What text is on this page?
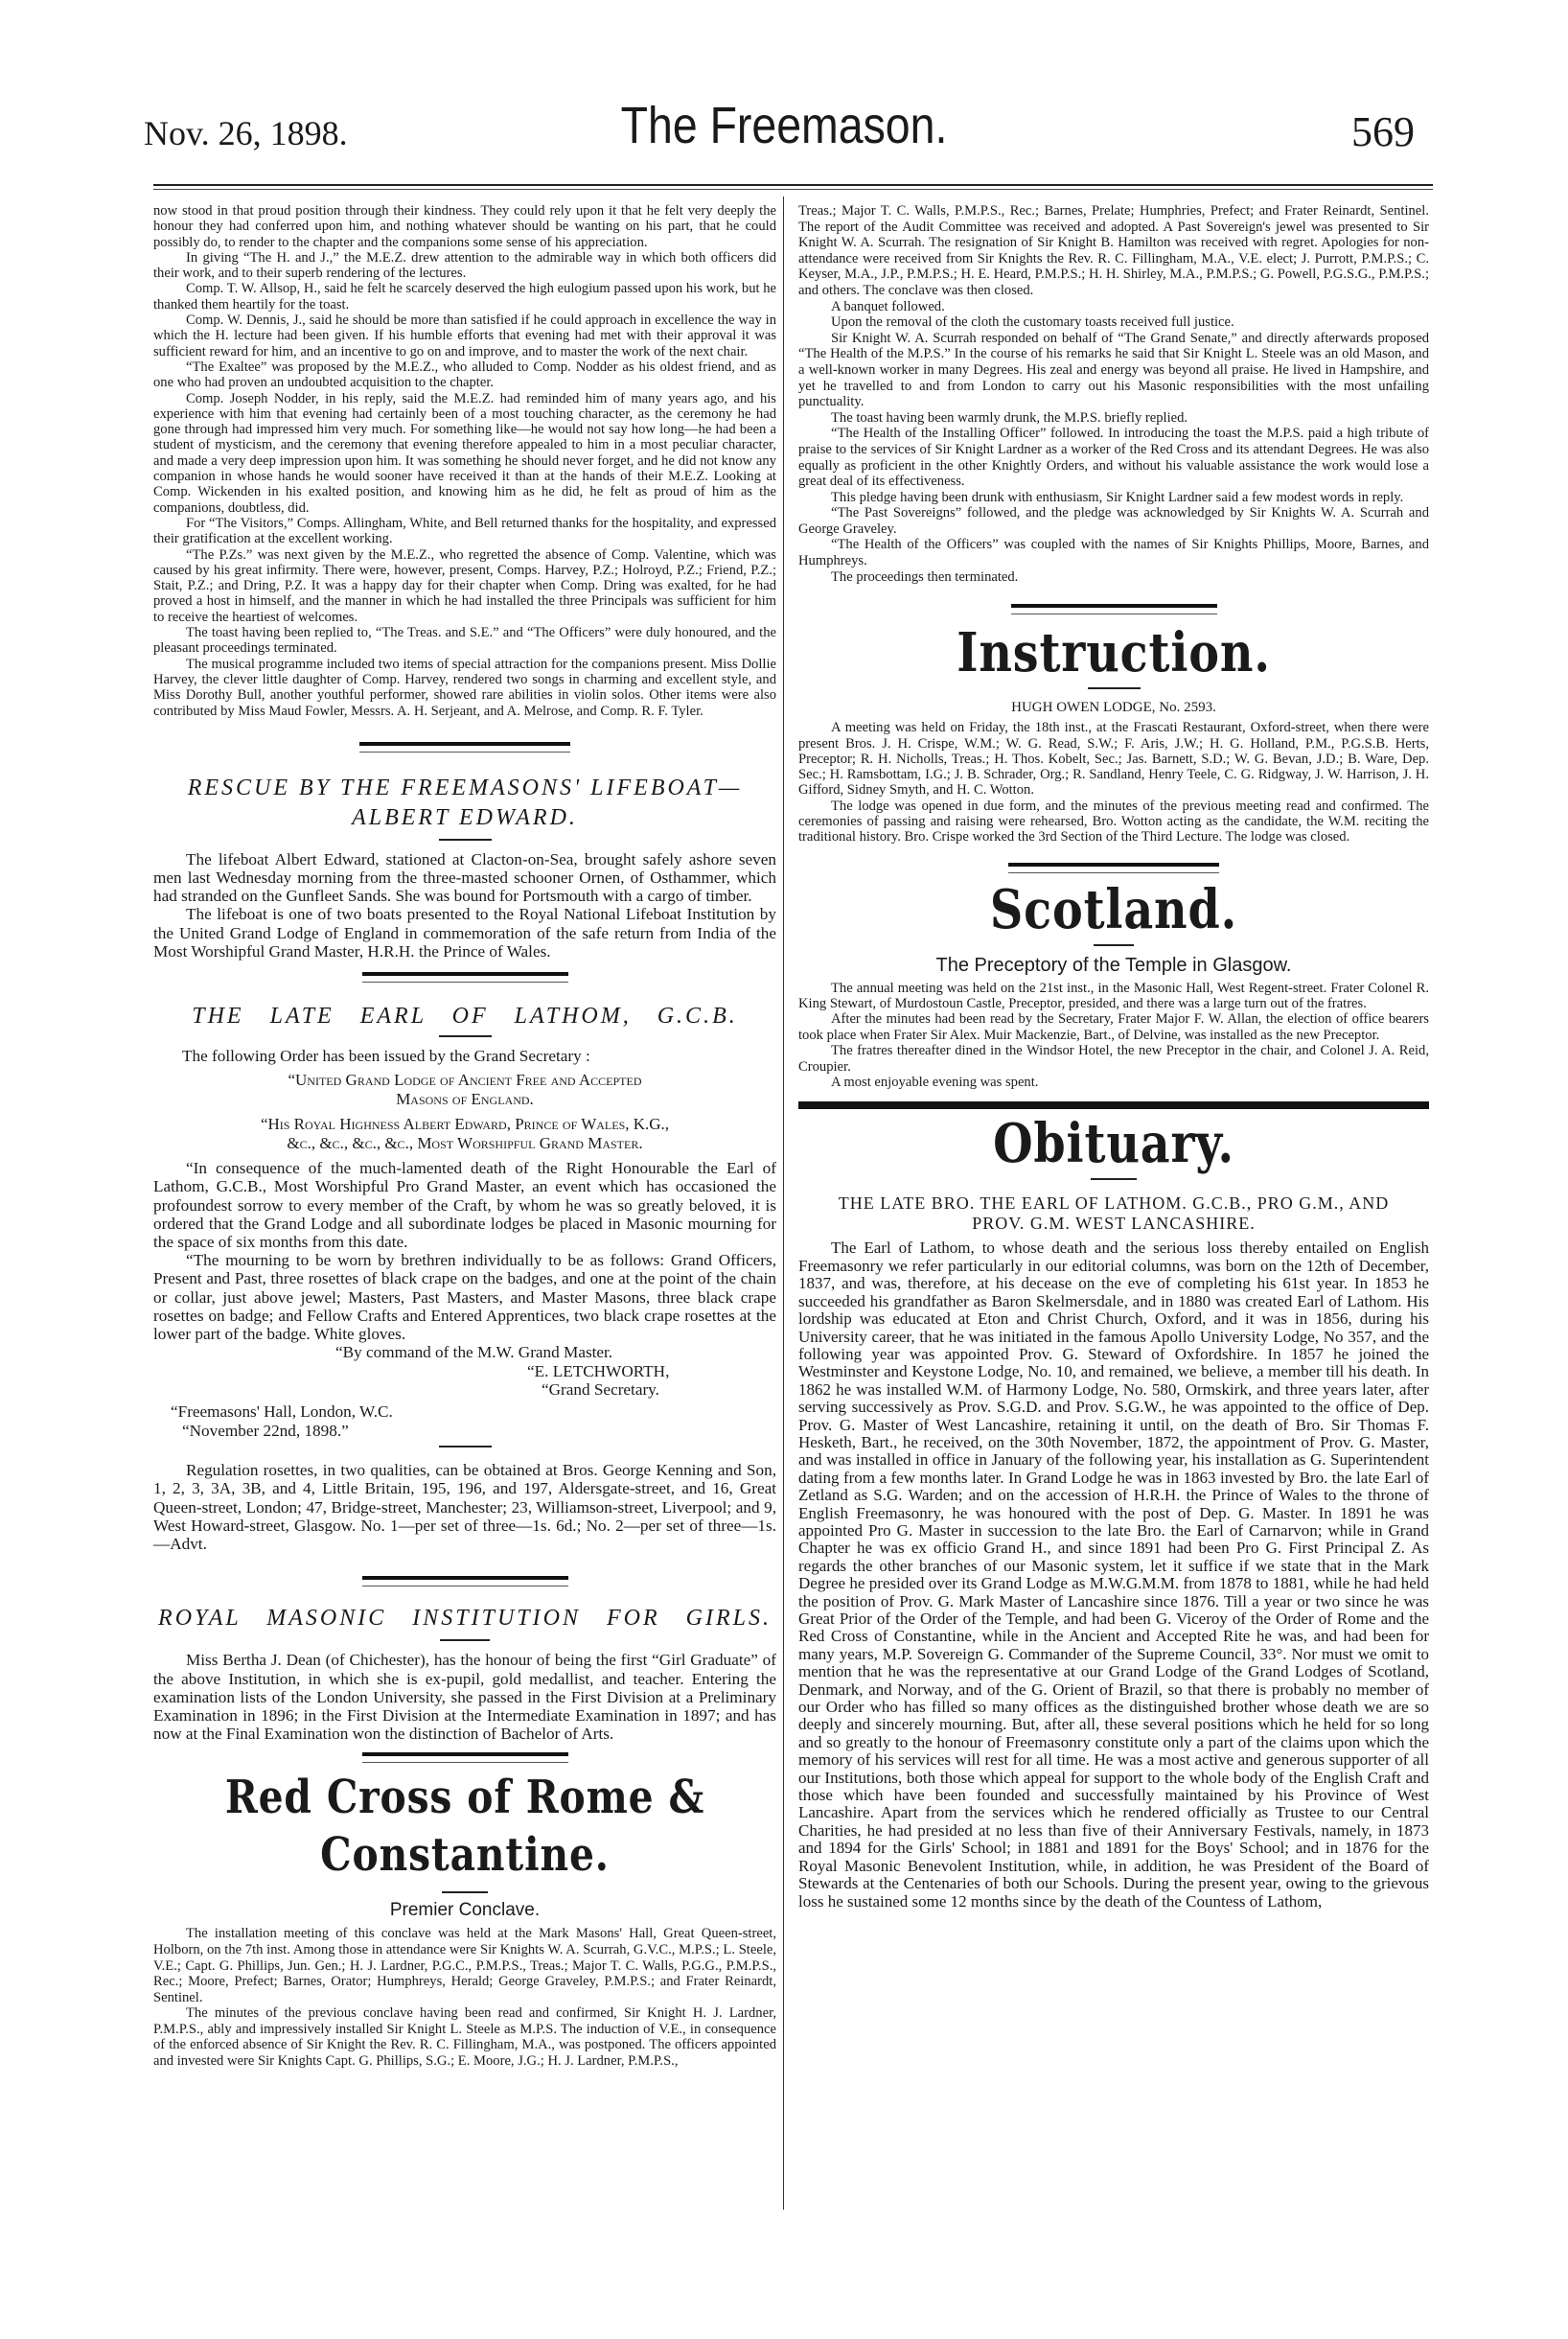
Nov. 26, 1898.	The Freemason.	569

now stood in that proud position through their kindness. They could rely upon it that he felt very deeply the honour they had conferred upon him, and nothing whatever should be wanting on his part, that he could possibly do, to render to the chapter and the companions some sense of his appreciation.

In giving “The H. and J.,” the M.E.Z. drew attention to the admirable way in which both officers did their work, and to their superb rendering of the lectures.

Comp. T. W. Allsop, H., said he felt he scarcely deserved the high eulogium passed upon his work, but he thanked them heartily for the toast.

Comp. W. Dennis, J., said he should be more than satisfied if he could approach in excellence the way in which the H. lecture had been given. If his humble efforts that evening had met with their approval it was sufficient reward for him, and an incentive to go on and improve, and to master the work of the next chair.

“The Exaltee” was proposed by the M.E.Z., who alluded to Comp. Nodder as his oldest friend, and as one who had proven an undoubted acquisition to the chapter.

Comp. Joseph Nodder, in his reply, said the M.E.Z. had reminded him of many years ago, and his experience with him that evening had certainly been of a most touching character, as the ceremony he had gone through had impressed him very much. For something like—he would not say how long—he had been a student of mysticism, and the ceremony that evening therefore appealed to him in a most peculiar character, and made a very deep impression upon him. It was something he should never forget, and he did not know any companion in whose hands he would sooner have received it than at the hands of their M.E.Z. Looking at Comp. Wickenden in his exalted position, and knowing him as he did, he felt as proud of him as the companions, doubtless, did.

For “The Visitors,” Comps. Allingham, White, and Bell returned thanks for the hospitality, and expressed their gratification at the excellent working.

“The P.Zs.” was next given by the M.E.Z., who regretted the absence of Comp. Valentine, which was caused by his great infirmity. There were, however, present, Comps. Harvey, P.Z.; Holroyd, P.Z.; Friend, P.Z.; Stait, P.Z.; and Dring, P.Z. It was a happy day for their chapter when Comp. Dring was exalted, for he had proved a host in himself, and the manner in which he had installed the three Principals was sufficient for him to receive the heartiest of welcomes.

The toast having been replied to, “The Treas. and S.E.” and “The Officers” were duly honoured, and the pleasant proceedings terminated.

The musical programme included two items of special attraction for the companions present. Miss Dollie Harvey, the clever little daughter of Comp. Harvey, rendered two songs in charming and excellent style, and Miss Dorothy Bull, another youthful performer, showed rare abilities in violin solos. Other items were also contributed by Miss Maud Fowler, Messrs. A. H. Serjeant, and A. Melrose, and Comp. R. F. Tyler.

RESCUE BY THE FREEMASONS' LIFEBOAT—
ALBERT EDWARD.

The lifeboat Albert Edward, stationed at Clacton-on-Sea, brought safely ashore seven men last Wednesday morning from the three-masted schooner Ornen, of Osthammer, which had stranded on the Gunfleet Sands. She was bound for Portsmouth with a cargo of timber.

The lifeboat is one of two boats presented to the Royal National Lifeboat Institution by the United Grand Lodge of England in commemoration of the safe return from India of the Most Worshipful Grand Master, H.R.H. the Prince of Wales.

THE LATE EARL OF LATHOM, G.C.B.
The following Order has been issued by the Grand Secretary :
“United Grand Lodge of Ancient Free and Accepted
Masons of England.
“His Royal Highness Albert Edward, Prince of Wales, K.G.,
&c., &c., &c., &c., Most Worshipful Grand Master.

“In consequence of the much-lamented death of the Right Honourable the Earl of Lathom, G.C.B., Most Worshipful Pro Grand Master, an event which has occasioned the profoundest sorrow to every member of the Craft, by whom he was so greatly beloved, it is ordered that the Grand Lodge and all subordinate lodges be placed in Masonic mourning for the space of six months from this date.

“The mourning to be worn by brethren individually to be as follows: Grand Officers, Present and Past, three rosettes of black crape on the badges, and one at the point of the chain or collar, just above jewel; Masters, Past Masters, and Master Masons, three black crape rosettes on badge; and Fellow Crafts and Entered Apprentices, two black crape rosettes at the lower part of the badge. White gloves.

“By command of the M.W. Grand Master.
“E. LETCHWORTH,
“Grand Secretary.
“Freemasons' Hall, London, W.C.
“November 22nd, 1898.”

Regulation rosettes, in two qualities, can be obtained at Bros. George Kenning and Son, 1, 2, 3, 3A, 3B, and 4, Little Britain, 195, 196, and 197, Aldersgate-street, and 16, Great Queen-street, London; 47, Bridge-street, Manchester; 23, Williamson-street, Liverpool; and 9, West Howard-street, Glasgow. No. 1—per set of three—1s. 6d.; No. 2—per set of three—1s.—Advt.

ROYAL MASONIC INSTITUTION FOR GIRLS.

Miss Bertha J. Dean (of Chichester), has the honour of being the first “Girl Graduate” of the above Institution, in which she is ex-pupil, gold medallist, and teacher. Entering the examination lists of the London University, she passed in the First Division at a Preliminary Examination in 1896; in the First Division at the Intermediate Examination in 1897; and has now at the Final Examination won the distinction of Bachelor of Arts.

Red Cross of Rome & Constantine.
Premier Conclave.

The installation meeting of this conclave was held at the Mark Masons' Hall, Great Queen-street, Holborn, on the 7th inst. Among those in attendance were Sir Knights W. A. Scurrah, G.V.C., M.P.S.; L. Steele, V.E.; Capt. G. Phillips, Jun. Gen.; H. J. Lardner, P.G.C., P.M.P.S., Treas.; Major T. C. Walls, P.G.G., P.M.P.S., Rec.; Moore, Prefect; Barnes, Orator; Humphreys, Herald; George Graveley, P.M.P.S.; and Frater Reinardt, Sentinel.

The minutes of the previous conclave having been read and confirmed, Sir Knight H. J. Lardner, P.M.P.S., ably and impressively installed Sir Knight L. Steele as M.P.S. The induction of V.E., in consequence of the enforced absence of Sir Knight the Rev. R. C. Fillingham, M.A., was postponed. The officers appointed and invested were Sir Knights Capt. G. Phillips, S.G.; E. Moore, J.G.; H. J. Lardner, P.M.P.S.,

Treas.; Major T. C. Walls, P.M.P.S., Rec.; Barnes, Prelate; Humphries, Prefect; and Frater Reinardt, Sentinel. The report of the Audit Committee was received and adopted. A Past Sovereign's jewel was presented to Sir Knight W. A. Scurrah. The resignation of Sir Knight B. Hamilton was received with regret. Apologies for non-attendance were received from Sir Knights the Rev. R. C. Fillingham, M.A., V.E. elect; J. Purrott, P.M.P.S.; C. Keyser, M.A., J.P., P.M.P.S.; H. E. Heard, P.M.P.S.; H. H. Shirley, M.A., P.M.P.S.; G. Powell, P.G.S.G., P.M.P.S.; and others. The conclave was then closed.

A banquet followed.

Upon the removal of the cloth the customary toasts received full justice.

Sir Knight W. A. Scurrah responded on behalf of “The Grand Senate,” and directly afterwards proposed “The Health of the M.P.S.” In the course of his remarks he said that Sir Knight L. Steele was an old Mason, and a well-known worker in many Degrees. His zeal and energy was beyond all praise. He lived in Hampshire, and yet he travelled to and from London to carry out his Masonic responsibilities with the most unfailing punctuality.

The toast having been warmly drunk, the M.P.S. briefly replied.

“The Health of the Installing Officer” followed. In introducing the toast the M.P.S. paid a high tribute of praise to the services of Sir Knight Lardner as a worker of the Red Cross and its attendant Degrees. He was also equally as proficient in the other Knightly Orders, and without his valuable assistance the work would lose a great deal of its effectiveness.

This pledge having been drunk with enthusiasm, Sir Knight Lardner said a few modest words in reply.

“The Past Sovereigns” followed, and the pledge was acknowledged by Sir Knights W. A. Scurrah and George Graveley.

“The Health of the Officers” was coupled with the names of Sir Knights Phillips, Moore, Barnes, and Humphreys.

The proceedings then terminated.

Instruction.
HUGH OWEN LODGE, No. 2593.

A meeting was held on Friday, the 18th inst., at the Frascati Restaurant, Oxford-street, when there were present Bros. J. H. Crispe, W.M.; W. G. Read, S.W.; F. Aris, J.W.; H. G. Holland, P.M., P.G.S.B. Herts, Preceptor; R. H. Nicholls, Treas.; H. Thos. Kobelt, Sec.; Jas. Barnett, S.D.; W. G. Bevan, J.D.; B. Ware, Dep. Sec.; H. Ramsbottam, I.G.; J. B. Schrader, Org.; R. Sandland, Henry Teele, C. G. Ridgway, J. W. Harrison, J. H. Gifford, Sidney Smyth, and H. C. Wotton.

The lodge was opened in due form, and the minutes of the previous meeting read and confirmed. The ceremonies of passing and raising were rehearsed, Bro. Wotton acting as the candidate, the W.M. reciting the traditional history. Bro. Crispe worked the 3rd Section of the Third Lecture. The lodge was closed.

Scotland.
The Preceptory of the Temple in Glasgow.

The annual meeting was held on the 21st inst., in the Masonic Hall, West Regent-street. Frater Colonel R. King Stewart, of Murdostoun Castle, Preceptor, presided, and there was a large turn out of the fratres.

After the minutes had been read by the Secretary, Frater Major F. W. Allan, the election of office bearers took place when Frater Sir Alex. Muir Mackenzie, Bart., of Delvine, was installed as the new Preceptor.

The fratres thereafter dined in the Windsor Hotel, the new Preceptor in the chair, and Colonel J. A. Reid, Croupier.

A most enjoyable evening was spent.

Obituary.
THE LATE BRO. THE EARL OF LATHOM. G.C.B., PRO G.M., AND
PROV. G.M. WEST LANCASHIRE.

The Earl of Lathom, to whose death and the serious loss thereby entailed on English Freemasonry we refer particularly in our editorial columns, was born on the 12th of December, 1837, and was, therefore, at his decease on the eve of completing his 61st year. In 1853 he succeeded his grandfather as Baron Skelmersdale, and in 1880 was created Earl of Lathom. His lordship was educated at Eton and Christ Church, Oxford, and it was in 1856, during his University career, that he was initiated in the famous Apollo University Lodge, No 357, and the following year was appointed Prov. G. Steward of Oxfordshire. In 1857 he joined the Westminster and Keystone Lodge, No. 10, and remained, we believe, a member till his death. In 1862 he was installed W.M. of Harmony Lodge, No. 580, Ormskirk, and three years later, after serving successively as Prov. S.G.D. and Prov. S.G.W., he was appointed to the office of Dep. Prov. G. Master of West Lancashire, retaining it until, on the death of Bro. Sir Thomas F. Hesketh, Bart., he received, on the 30th November, 1872, the appointment of Prov. G. Master, and was installed in office in January of the following year, his installation as G. Superintendent dating from a few months later. In Grand Lodge he was in 1863 invested by Bro. the late Earl of Zetland as S.G. Warden; and on the accession of H.R.H. the Prince of Wales to the throne of English Freemasonry, he was honoured with the post of Dep. G. Master. In 1891 he was appointed Pro G. Master in succession to the late Bro. the Earl of Carnarvon; while in Grand Chapter he was ex officio Grand H., and since 1891 had been Pro G. First Principal Z. As regards the other branches of our Masonic system, let it suffice if we state that in the Mark Degree he presided over its Grand Lodge as M.W.G.M.M. from 1878 to 1881, while he had held the position of Prov. G. Mark Master of Lancashire since 1876. Till a year or two since he was Great Prior of the Order of the Temple, and had been G. Viceroy of the Order of Rome and the Red Cross of Constantine, while in the Ancient and Accepted Rite he was, and had been for many years, M.P. Sovereign G. Commander of the Supreme Council, 33°. Nor must we omit to mention that he was the representative at our Grand Lodge of the Grand Lodges of Scotland, Denmark, and Norway, and of the G. Orient of Brazil, so that there is probably no member of our Order who has filled so many offices as the distinguished brother whose death we are so deeply and sincerely mourning. But, after all, these several positions which he held for so long and so greatly to the honour of Freemasonry constitute only a part of the claims upon which the memory of his services will rest for all time. He was a most active and generous supporter of all our Institutions, both those which appeal for support to the whole body of the English Craft and those which have been founded and successfully maintained by his Province of West Lancashire. Apart from the services which he rendered officially as Trustee to our Central Charities, he had presided at no less than five of their Anniversary Festivals, namely, in 1873 and 1894 for the Girls' School; in 1881 and 1891 for the Boys' School; and in 1876 for the Royal Masonic Benevolent Institution, while, in addition, he was President of the Board of Stewards at the Centenaries of both our Schools. During the present year, owing to the grievous loss he sustained some 12 months since by the death of the Countess of Lathom,
